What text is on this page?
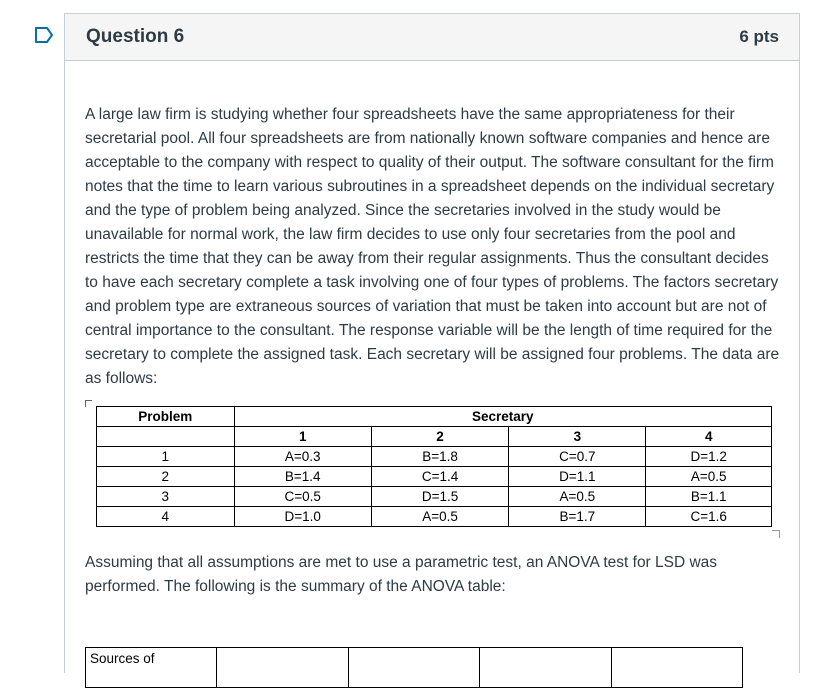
Question 6	6 pts

A large law firm is studying whether four spreadsheets have the same appropriateness for their secretarial pool. All four spreadsheets are from nationally known software companies and hence are acceptable to the company with respect to quality of their output. The software consultant for the firm notes that the time to learn various subroutines in a spreadsheet depends on the individual secretary and the type of problem being analyzed. Since the secretaries involved in the study would be unavailable for normal work, the law firm decides to use only four secretaries from the pool and restricts the time that they can be away from their regular assignments. Thus the consultant decides to have each secretary complete a task involving one of four types of problems. The factors secretary and problem type are extraneous sources of variation that must be taken into account but are not of central importance to the consultant. The response variable will be the length of time required for the secretary to complete the assigned task. Each secretary will be assigned four problems. The data are as follows:

Problem	Secretary			
	1	2	3	4
1	A=0.3	B=1.8	C=0.7	D=1.2
2	B=1.4	C=1.4	D=1.1	A=0.5
3	C=0.5	D=1.5	A=0.5	B=1.1
4	D=1.0	A=0.5	B=1.7	C=1.6

Assuming that all assumptions are met to use a parametric test, an ANOVA test for LSD was performed. The following is the summary of the ANOVA table:

Sources of				
